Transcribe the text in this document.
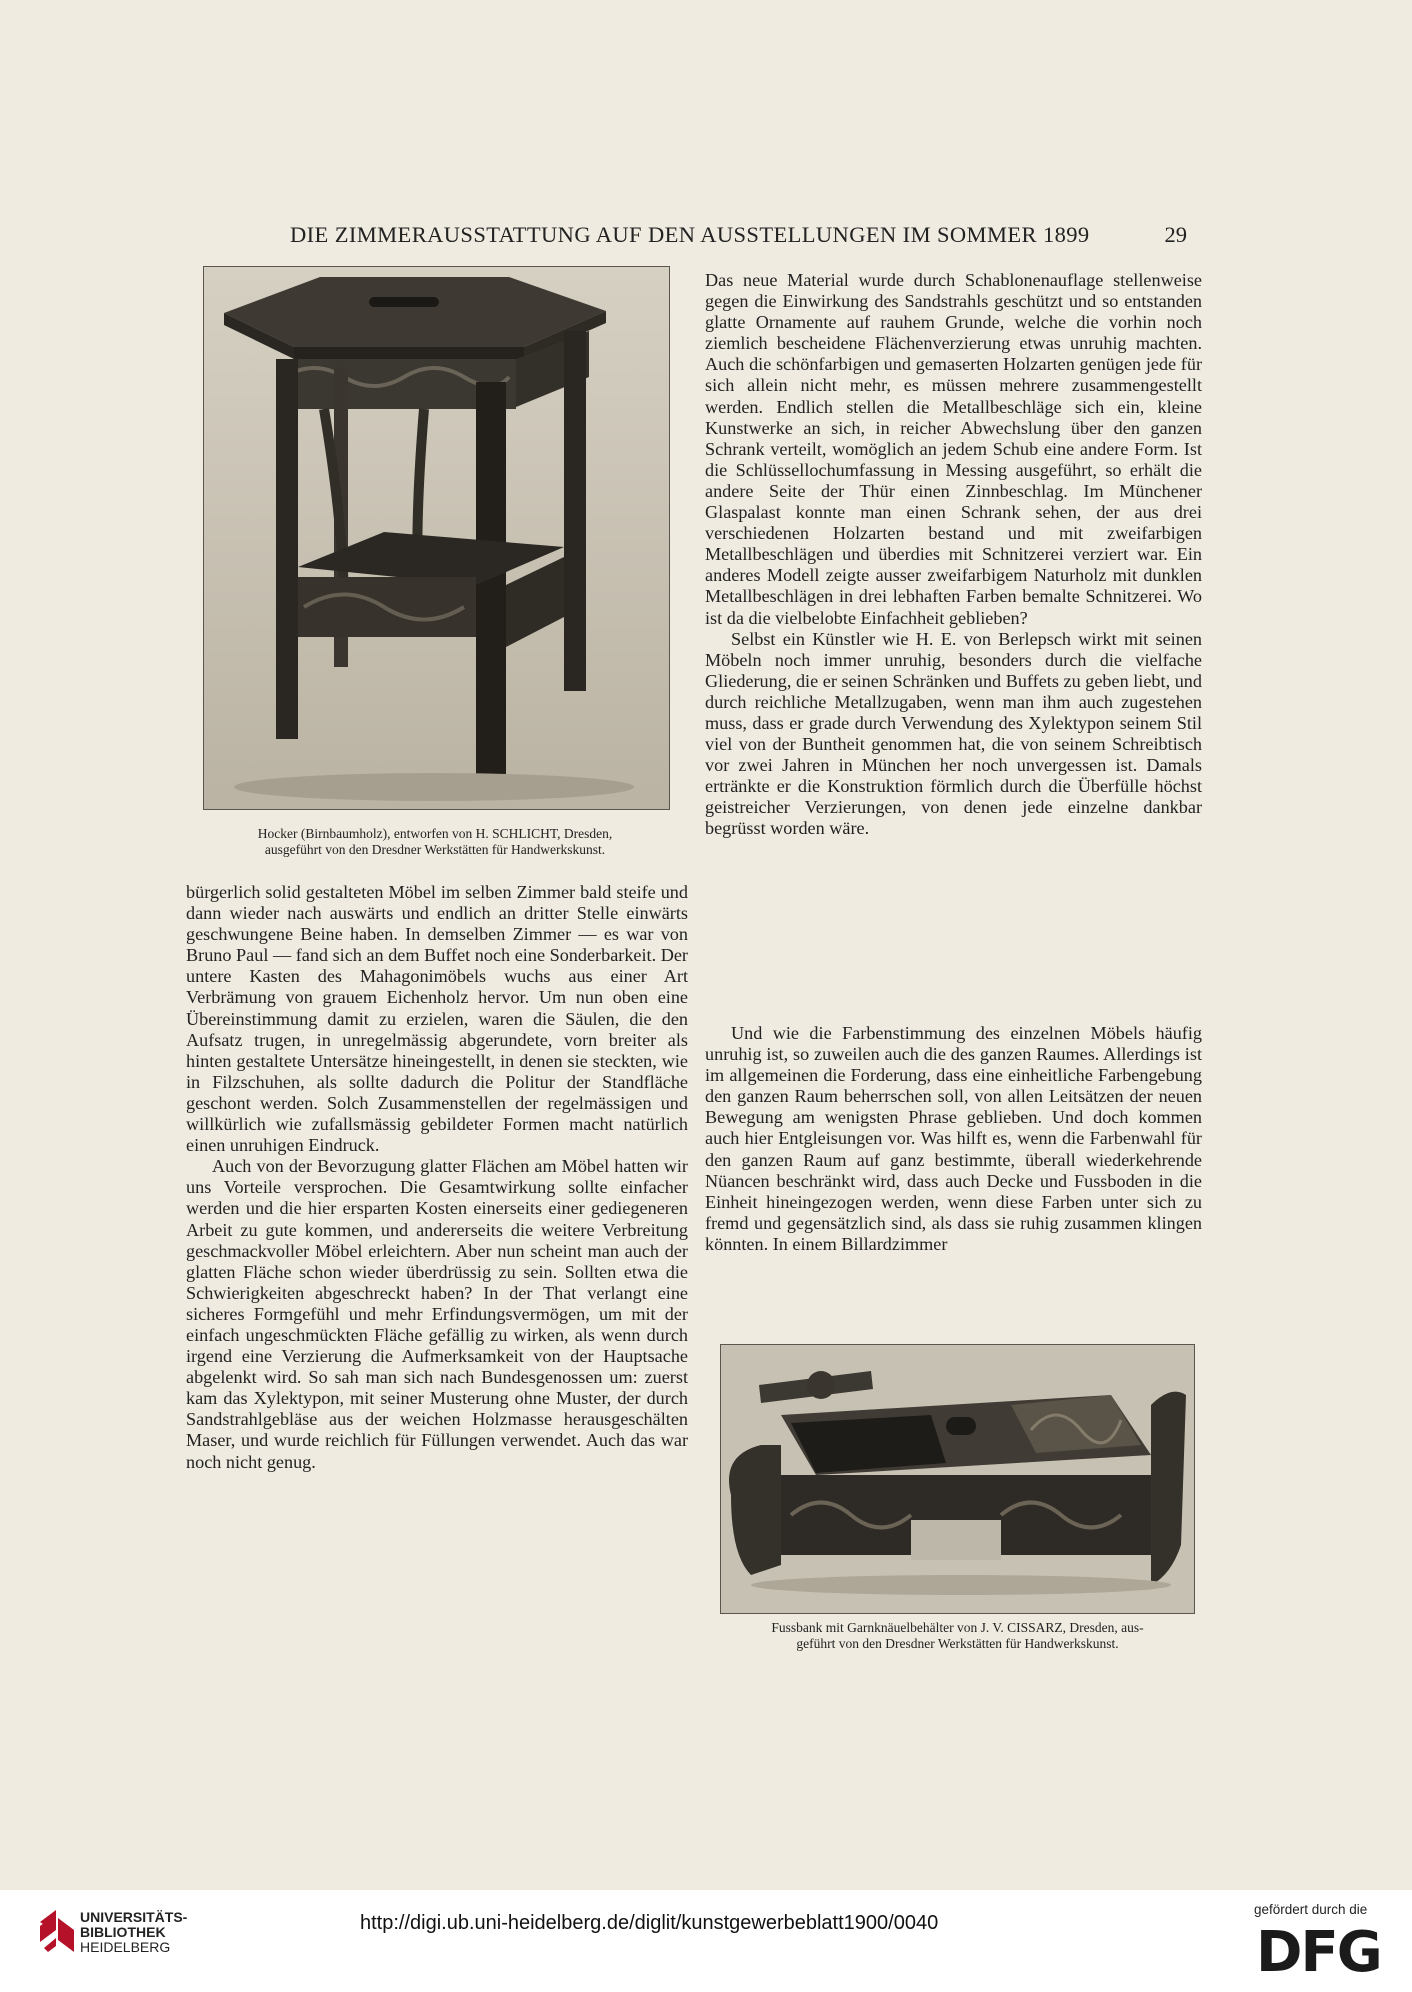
DIE ZIMMERAUSSTATTUNG AUF DEN AUSSTELLUNGEN IM SOMMER 1899	29
Hocker (Birnbaumholz), entworfen von H. SCHLICHT, Dresden,
ausgeführt von den Dresdner Werkstätten für Handwerkskunst.

bürgerlich solid gestalteten Möbel im selben Zimmer bald steife und dann wieder nach auswärts und endlich an dritter Stelle einwärts geschwungene Beine haben. In demselben Zimmer — es war von Bruno Paul — fand sich an dem Buffet noch eine Sonderbarkeit. Der untere Kasten des Mahagonimöbels wuchs aus einer Art Verbrämung von grauem Eichenholz hervor. Um nun oben eine Übereinstimmung damit zu erzielen, waren die Säulen, die den Aufsatz trugen, in unregelmässig abgerundete, vorn breiter als hinten gestaltete Untersätze hineingestellt, in denen sie steckten, wie in Filzschuhen, als sollte dadurch die Politur der Standfläche geschont werden. Solch Zusammenstellen der regelmässigen und willkürlich wie zufallsmässig gebildeter Formen macht natürlich einen unruhigen Eindruck.

Auch von der Bevorzugung glatter Flächen am Möbel hatten wir uns Vorteile versprochen. Die Gesamtwirkung sollte einfacher werden und die hier ersparten Kosten einerseits einer gediegeneren Arbeit zu gute kommen, und andererseits die weitere Verbreitung geschmackvoller Möbel erleichtern. Aber nun scheint man auch der glatten Fläche schon wieder überdrüssig zu sein. Sollten etwa die Schwierigkeiten abgeschreckt haben? In der That verlangt eine sicheres Formgefühl und mehr Erfindungsvermögen, um mit der einfach ungeschmückten Fläche gefällig zu wirken, als wenn durch irgend eine Verzierung die Aufmerksamkeit von der Hauptsache abgelenkt wird. So sah man sich nach Bundesgenossen um: zuerst kam das Xylektypon, mit seiner Musterung ohne Muster, der durch Sandstrahlgebläse aus der weichen Holzmasse herausgeschälten Maser, und wurde reichlich für Füllungen verwendet. Auch das war noch nicht genug.

Das neue Material wurde durch Schablonenauflage stellenweise gegen die Einwirkung des Sandstrahls geschützt und so entstanden glatte Ornamente auf rauhem Grunde, welche die vorhin noch ziemlich bescheidene Flächenverzierung etwas unruhig machten. Auch die schönfarbigen und gemaserten Holzarten genügen jede für sich allein nicht mehr, es müssen mehrere zusammengestellt werden. Endlich stellen die Metallbeschläge sich ein, kleine Kunstwerke an sich, in reicher Abwechslung über den ganzen Schrank verteilt, womöglich an jedem Schub eine andere Form. Ist die Schlüssellochumfassung in Messing ausgeführt, so erhält die andere Seite der Thür einen Zinnbeschlag. Im Münchener Glaspalast konnte man einen Schrank sehen, der aus drei verschiedenen Holzarten bestand und mit zweifarbigen Metallbeschlägen und überdies mit Schnitzerei verziert war. Ein anderes Modell zeigte ausser zweifarbigem Naturholz mit dunklen Metallbeschlägen in drei lebhaften Farben bemalte Schnitzerei. Wo ist da die vielbelobte Einfachheit geblieben?

Selbst ein Künstler wie H. E. von Berlepsch wirkt mit seinen Möbeln noch immer unruhig, besonders durch die vielfache Gliederung, die er seinen Schränken und Buffets zu geben liebt, und durch reichliche Metallzugaben, wenn man ihm auch zugestehen muss, dass er grade durch Verwendung des Xylektypon seinem Stil viel von der Buntheit genommen hat, die von seinem Schreibtisch vor zwei Jahren in München her noch unvergessen ist. Damals ertränkte er die Konstruktion förmlich durch die Überfülle höchst geistreicher Verzierungen, von denen jede einzelne dankbar begrüsst worden wäre.

Und wie die Farbenstimmung des einzelnen Möbels häufig unruhig ist, so zuweilen auch die des ganzen Raumes. Allerdings ist im allgemeinen die Forderung, dass eine einheitliche Farbengebung den ganzen Raum beherrschen soll, von allen Leitsätzen der neuen Bewegung am wenigsten Phrase geblieben. Und doch kommen auch hier Entgleisungen vor. Was hilft es, wenn die Farbenwahl für den ganzen Raum auf ganz bestimmte, überall wiederkehrende Nüancen beschränkt wird, dass auch Decke und Fussboden in die Einheit hineingezogen werden, wenn diese Farben unter sich zu fremd und gegensätzlich sind, als dass sie ruhig zusammen klingen könnten. In einem Billardzimmer

Fussbank mit Garnknäuelbehälter von J. V. CISSARZ, Dresden, aus-
geführt von den Dresdner Werkstätten für Handwerkskunst.
UNIVERSITÄTS-
BIBLIOTHEK
HEIDELBERG
http://digi.ub.uni-heidelberg.de/diglit/kunstgewerbeblatt1900/0040
gefördert durch die
DFG
